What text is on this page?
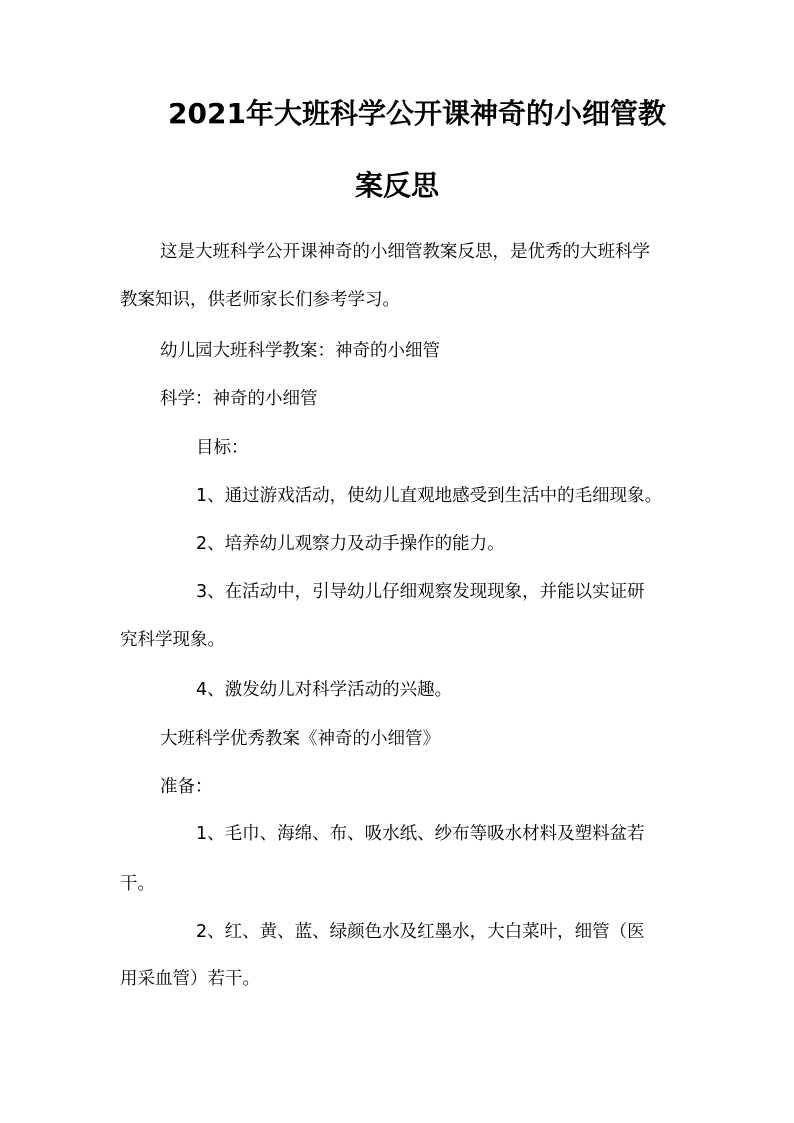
2021年大班科学公开课神奇的小细管教
案反思
这是大班科学公开课神奇的小细管教案反思，是优秀的大班科学
教案知识，供老师家长们参考学习。
幼儿园大班科学教案：神奇的小细管
科学：神奇的小细管
目标：
1、通过游戏活动，使幼儿直观地感受到生活中的毛细现象。
2、培养幼儿观察力及动手操作的能力。
3、在活动中，引导幼儿仔细观察发现现象，并能以实证研
究科学现象。
4、激发幼儿对科学活动的兴趣。
大班科学优秀教案《神奇的小细管》
准备：
1、毛巾、海绵、布、吸水纸、纱布等吸水材料及塑料盆若
干。
2、红、黄、蓝、绿颜色水及红墨水，大白菜叶，细管（医
用采血管）若干。
